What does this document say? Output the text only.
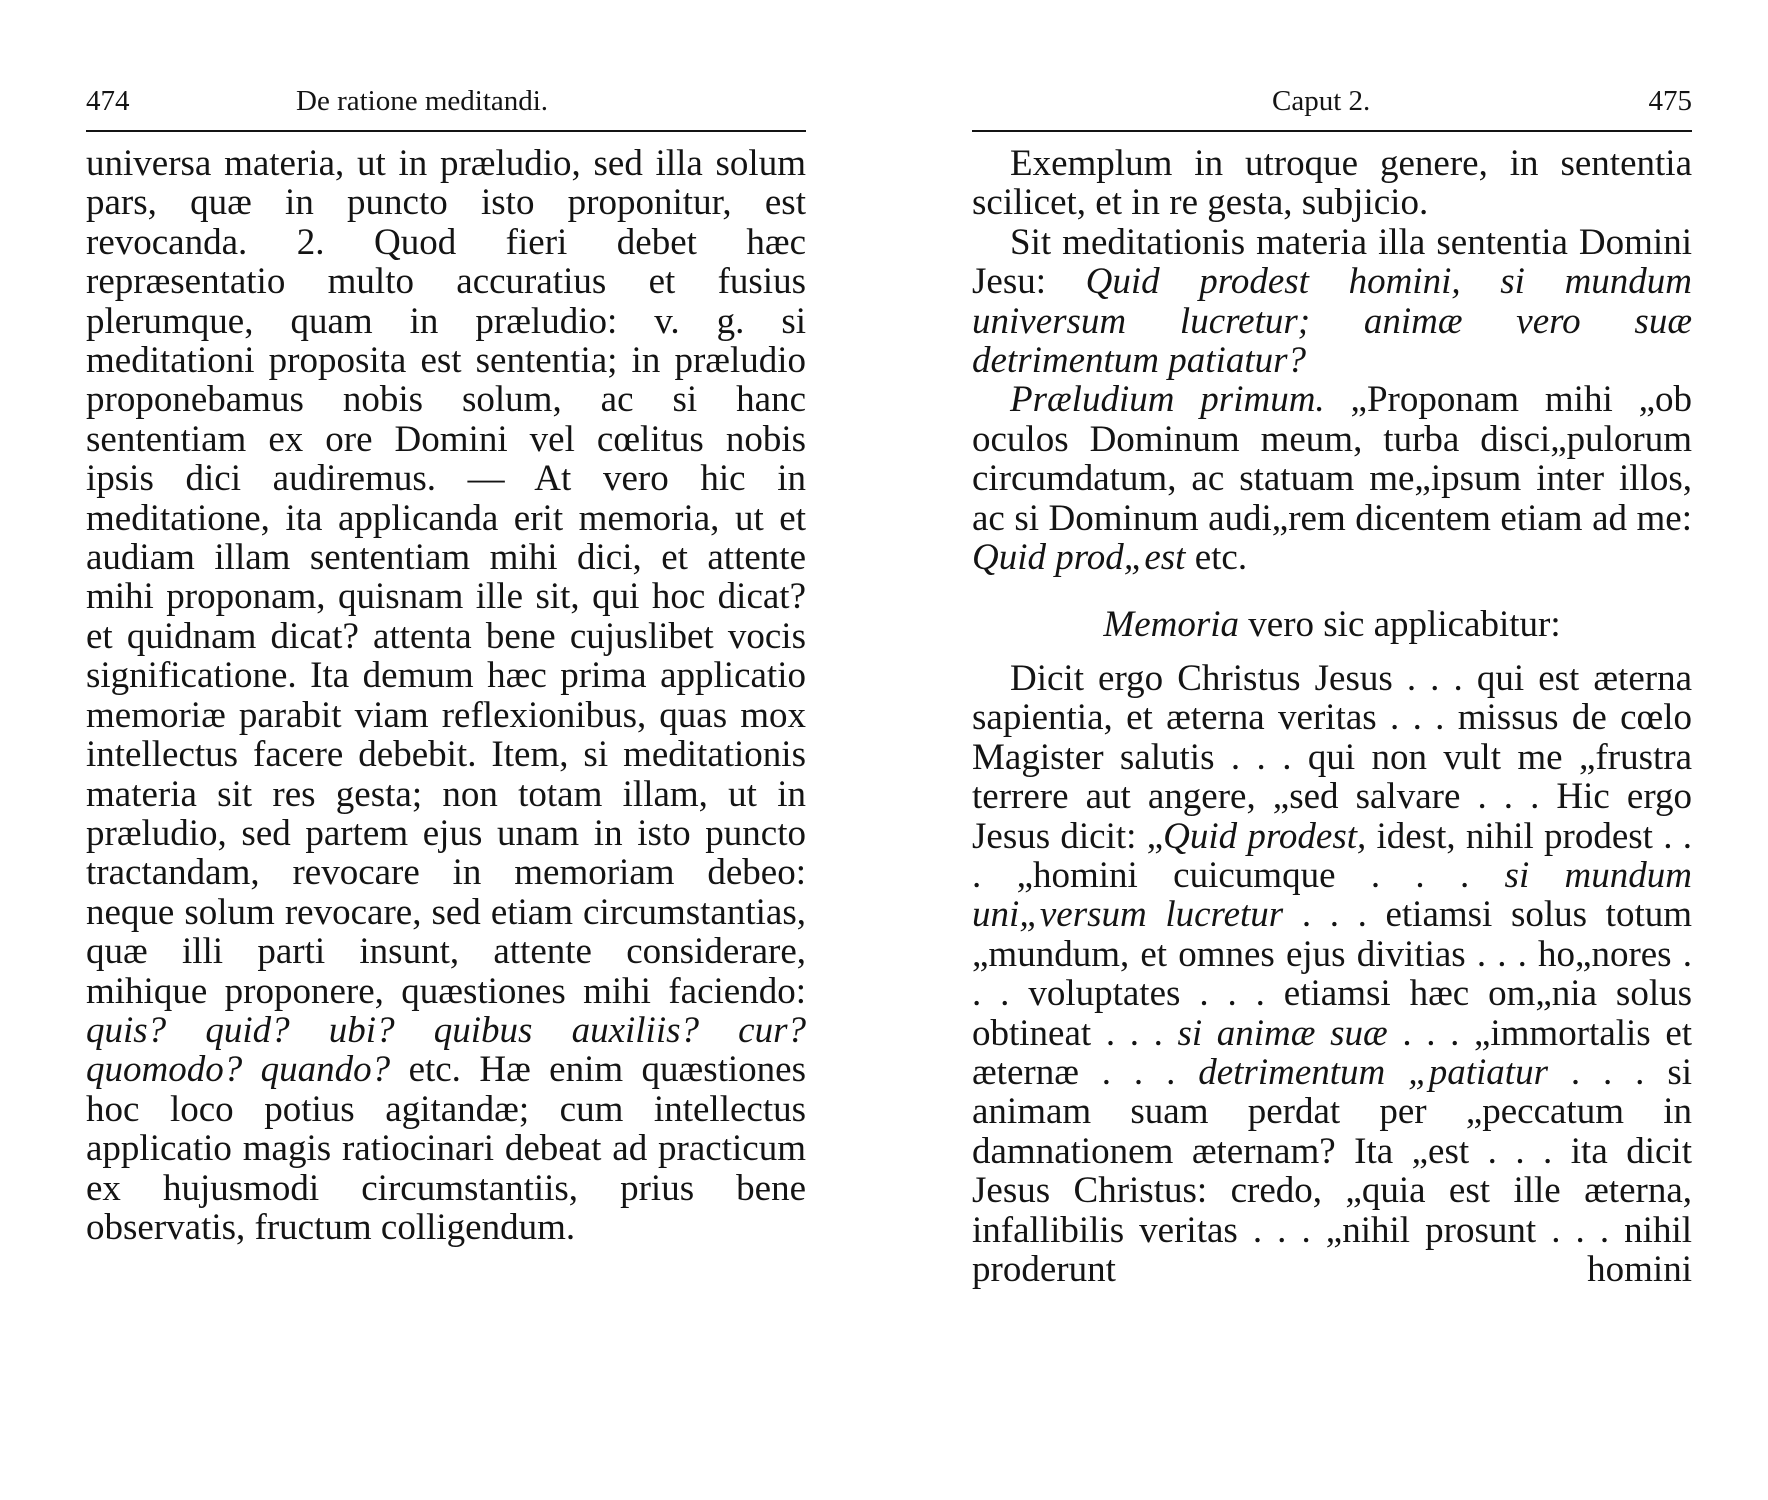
474	De ratione meditandi.

universa materia, ut in præludio, sed illa solum pars, quæ in puncto isto proponitur, est revocanda. 2. Quod fieri debet hæc repræsentatio multo accuratius et fusius plerumque, quam in præludio: v. g. si meditationi proposita est sententia; in præludio proponebamus nobis solum, ac si hanc sententiam ex ore Domini vel cœlitus nobis ipsis dici audiremus. — At vero hic in meditatione, ita applicanda erit memoria, ut et audiam illam sententiam mihi dici, et attente mihi proponam, quisnam ille sit, qui hoc dicat? et quidnam dicat? attenta bene cujuslibet vocis significatione. Ita demum hæc prima applicatio memoriæ parabit viam reflexionibus, quas mox intellectus facere debebit. Item, si meditationis materia sit res gesta; non totam illam, ut in præludio, sed partem ejus unam in isto puncto tractandam, revocare in memoriam debeo: neque solum revocare, sed etiam circumstantias, quæ illi parti insunt, attente considerare, mihique proponere, quæstiones mihi faciendo: quis? quid? ubi? quibus auxiliis? cur? quomodo? quando? etc. Hæ enim quæstiones hoc loco potius agitandæ; cum intellectus applicatio magis ratiocinari debeat ad practicum ex hujusmodi circumstantiis, prius bene observatis, fructum colligendum.

Caput 2.	475

Exemplum in utroque genere, in sententia scilicet, et in re gesta, subjicio.

Sit meditationis materia illa sententia Domini Jesu: Quid prodest homini, si mundum universum lucretur; animæ vero suæ detrimentum patiatur?

Præludium primum. „Proponam mihi „ob oculos Dominum meum, turba disci„pulorum circumdatum, ac statuam me„ipsum inter illos, ac si Dominum audi„rem dicentem etiam ad me: Quid prod„est etc.

Memoria vero sic applicabitur:

Dicit ergo Christus Jesus . . . qui est æterna sapientia, et æterna veritas . . . missus de cœlo Magister salutis . . . qui non vult me „frustra terrere aut angere, „sed salvare . . . Hic ergo Jesus dicit: „Quid prodest, idest, nihil prodest . . . „homini cuicumque . . . si mundum uni„versum lucretur . . . etiamsi solus totum „mundum, et omnes ejus divitias . . . ho„nores . . . voluptates . . . etiamsi hæc om„nia solus obtineat . . . si animæ suæ . . . „immortalis et æternæ . . . detrimentum „patiatur . . . si animam suam perdat per „peccatum in damnationem æternam? Ita „est . . . ita dicit Jesus Christus: credo, „quia est ille æterna, infallibilis veritas . . . „nihil prosunt . . . nihil proderunt homini
